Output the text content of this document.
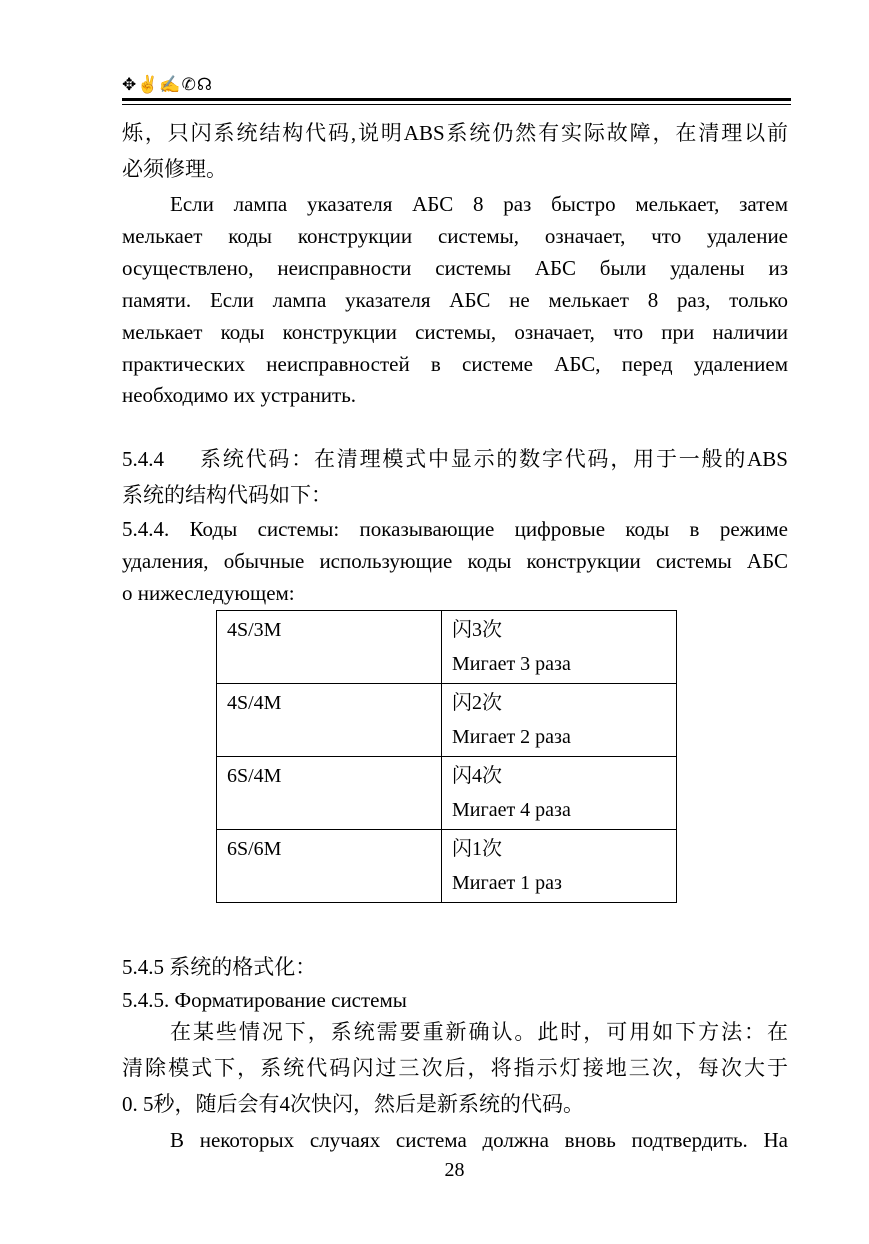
✥✌✍✆☊
烁，只闪系统结构代码,说明ABS系统仍然有实际故障，在清理以前
必须修理。
Если лампа указателя АБС 8 раз быстро мелькает, затем
мелькает коды конструкции системы, означает, что удаление
осуществлено, неисправности системы АБС были удалены из
памяти. Если лампа указателя АБС не мелькает 8 раз, только
мелькает коды конструкции системы, означает, что при наличии
практических неисправностей в системе АБС, перед удалением
необходимо их устранить.
5.4.4 系统代码：在清理模式中显示的数字代码，用于一般的ABS
系统的结构代码如下：
5.4.4. Коды системы: показывающие цифровые коды в режиме
удаления, обычные использующие коды конструкции системы АБС
о нижеследующем:
4S/3M	闪3次
Мигает 3 раза

4S/4M	闪2次
Мигает 2 раза

6S/4M	闪4次
Мигает 4 раза

6S/6M	闪1次
Мигает 1 раз
5.4.5 系统的格式化：
5.4.5. Форматирование системы
在某些情况下，系统需要重新确认。此时，可用如下方法：在
清除模式下，系统代码闪过三次后，将指示灯接地三次，每次大于
0. 5秒，随后会有4次快闪，然后是新系统的代码。
В некоторых случаях система должна вновь подтвердить. На
28
